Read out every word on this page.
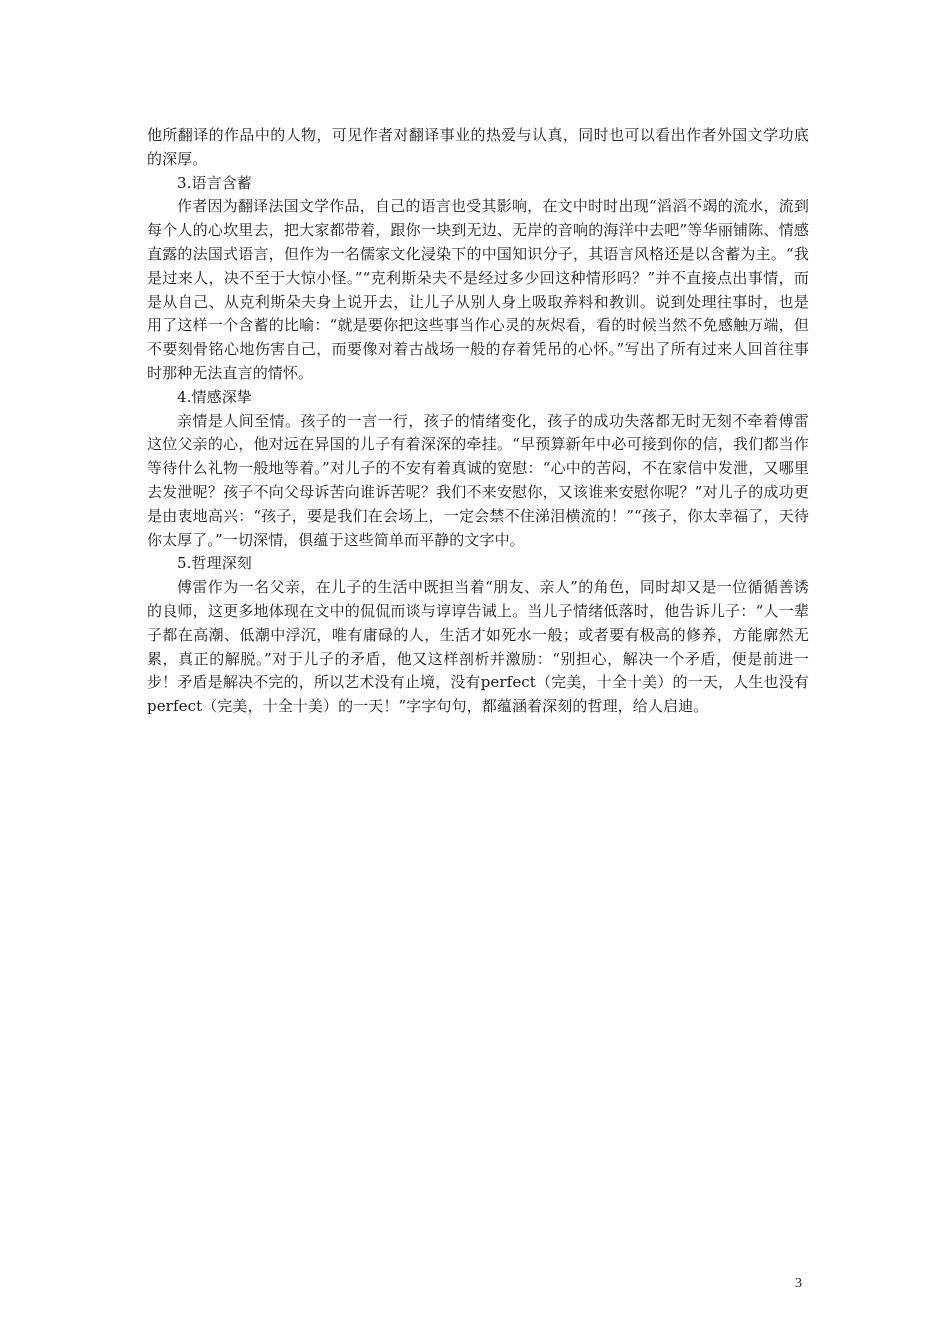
他所翻译的作品中的人物，可见作者对翻译事业的热爱与认真，同时也可以看出作者外国文学功底的深厚。

3.语言含蓄

作者因为翻译法国文学作品，自己的语言也受其影响，在文中时时出现“滔滔不竭的流水，流到每个人的心坎里去，把大家都带着，跟你一块到无边、无岸的音响的海洋中去吧”等华丽铺陈、情感直露的法国式语言，但作为一名儒家文化浸染下的中国知识分子，其语言风格还是以含蓄为主。“我是过来人，决不至于大惊小怪。”“克利斯朵夫不是经过多少回这种情形吗？”并不直接点出事情，而是从自己、从克利斯朵夫身上说开去，让儿子从别人身上吸取养料和教训。说到处理往事时，也是用了这样一个含蓄的比喻：“就是要你把这些事当作心灵的灰烬看，看的时候当然不免感触万端，但不要刻骨铭心地伤害自己，而要像对着古战场一般的存着凭吊的心怀。”写出了所有过来人回首往事时那种无法直言的情怀。

4.情感深挚

亲情是人间至情。孩子的一言一行，孩子的情绪变化，孩子的成功失落都无时无刻不牵着傅雷这位父亲的心，他对远在异国的儿子有着深深的牵挂。“早预算新年中必可接到你的信，我们都当作等待什么礼物一般地等着。”对儿子的不安有着真诚的宽慰：“心中的苦闷，不在家信中发泄，又哪里去发泄呢？孩子不向父母诉苦向谁诉苦呢？我们不来安慰你，又该谁来安慰你呢？”对儿子的成功更是由衷地高兴：“孩子，要是我们在会场上，一定会禁不住涕泪横流的！”“孩子，你太幸福了，天待你太厚了。”一切深情，俱蕴于这些简单而平静的文字中。

5.哲理深刻

傅雷作为一名父亲，在儿子的生活中既担当着“朋友、亲人”的角色，同时却又是一位循循善诱的良师，这更多地体现在文中的侃侃而谈与谆谆告诫上。当儿子情绪低落时，他告诉儿子：“人一辈子都在高潮、低潮中浮沉，唯有庸碌的人，生活才如死水一般；或者要有极高的修养，方能廓然无累，真正的解脱。”对于儿子的矛盾，他又这样剖析并激励：“别担心，解决一个矛盾，便是前进一步！矛盾是解决不完的，所以艺术没有止境，没有perfect（完美，十全十美）的一天，人生也没有perfect（完美，十全十美）的一天！”字字句句，都蕴涵着深刻的哲理，给人启迪。

3
